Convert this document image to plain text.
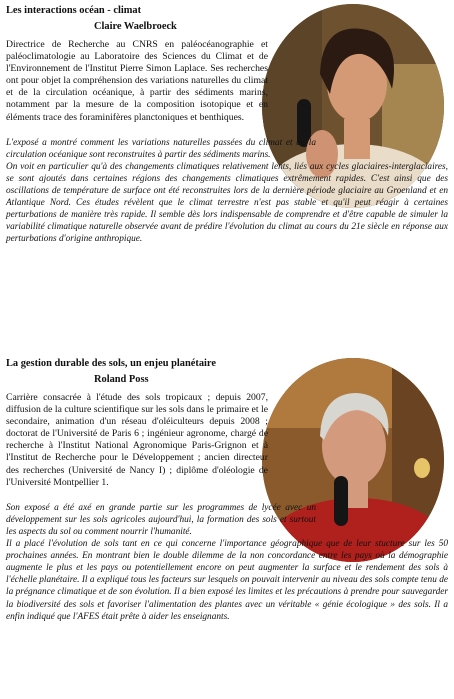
Les interactions océan - climat
Claire Waelbroeck

Directrice de Recherche au CNRS en paléocéanographie et paléoclimatologie au Laboratoire des Sciences du Climat et de l'Environnement de l'Institut Pierre Simon Laplace. Ses recherches ont pour objet la compréhension des variations naturelles du climat et de la circulation océanique, à partir des sédiments marins, notamment par la mesure de la composition isotopique et en éléments trace des foraminifères planctoniques et benthiques.

L'exposé a montré comment les variations naturelles passées du climat et de la circulation océanique sont reconstruites à partir des sédiments marins.
On voit en particulier qu'à des changements climatiques relativement lents, liés aux cycles glaciaires-interglaciaires, se sont ajoutés dans certaines régions des changements climatiques extrêmement rapides. C'est ainsi que des oscillations de température de surface ont été reconstruites lors de la dernière période glaciaire au Groenland et en Atlantique Nord. Ces études révèlent que le climat terrestre n'est pas stable et qu'il peut réagir à certaines perturbations de manière très rapide. Il semble dès lors indispensable de comprendre et d'être capable de simuler la variabilité climatique naturelle observée avant de prédire l'évolution du climat au cours du 21e siècle en réponse aux perturbations d'origine anthropique.

La gestion durable des sols, un enjeu planétaire
Roland Poss

Carrière consacrée à l'étude des sols tropicaux ; depuis 2007, diffusion de la culture scientifique sur les sols dans le primaire et le secondaire, animation d'un réseau d'oléiculteurs depuis 2008 ; doctorat de l'Université de Paris 6 ; ingénieur agronome, chargé de recherche à l'Institut National Agronomique Paris-Grignon et à l'Institut de Recherche pour le Développement ; ancien directeur des recherches (Université de Nancy I) ; diplôme d'oléologie de l'Université Montpellier 1.

Son exposé a été axé en grande partie sur les programmes de lycée avec un développement sur les sols agricoles aujourd'hui, la formation des sols et surtout les aspects du sol ou comment nourrir l'humanité.
Il a placé l'évolution de sols tant en ce qui concerne l'importance géographique que de leur stucture sur les 50 prochaines années. En montrant bien le double dilemme de la non concordance entre les pays où la démographie augmente le plus et les pays ou potentiellement encore on peut augmenter la surface et le rendement des sols à l'échelle planétaire. Il a expliqué tous les facteurs sur lesquels on pouvait intervenir au niveau des sols compte tenu de la prégnance climatique et de son évolution. Il a bien exposé les limites et les précautions à prendre pour sauvegarder la biodiversité des sols et favoriser l'alimentation des plantes avec un véritable « génie écologique » des sols. Il a enfin indiqué que l'AFES était prête à aider les enseignants.
